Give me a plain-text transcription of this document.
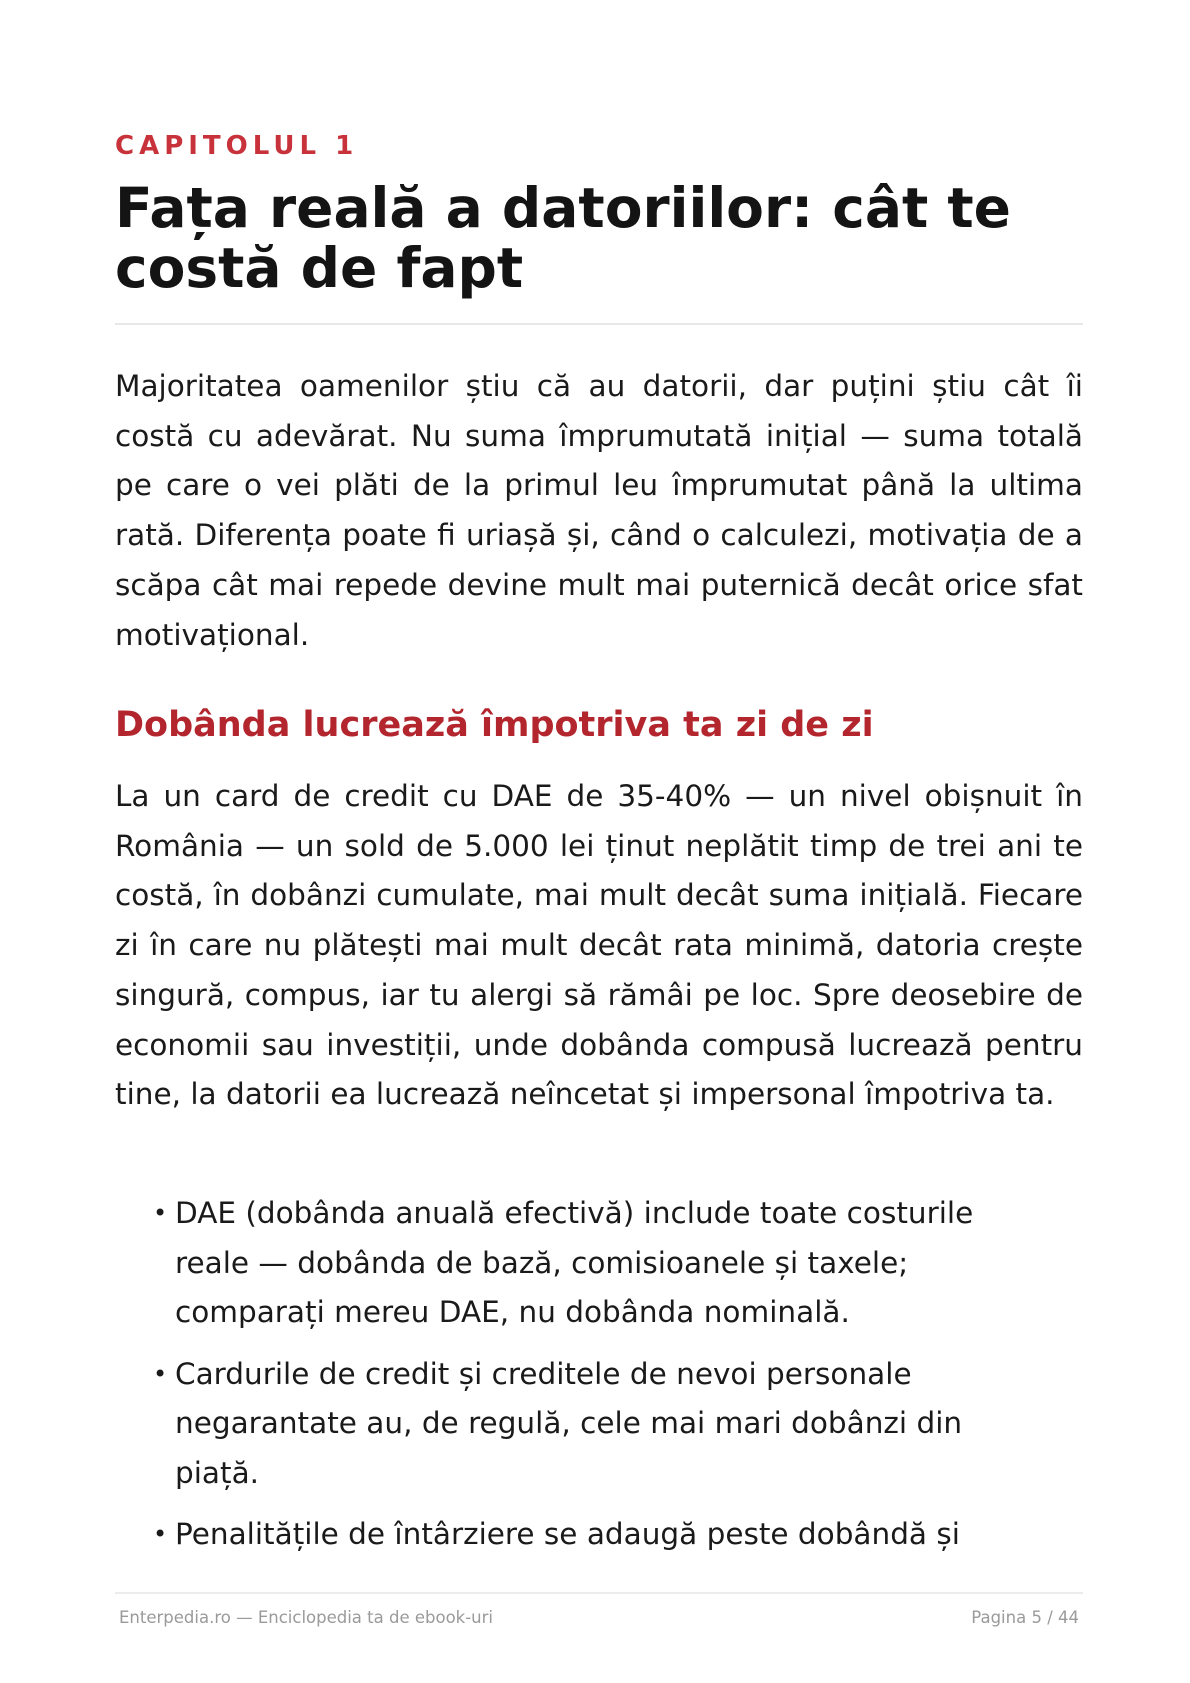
CAPITOLUL 1
Fața reală a datoriilor: cât te costă de fapt

Majoritatea oamenilor știu că au datorii, dar puțini știu cât îi costă cu adevărat. Nu suma împrumutată inițial — suma totală pe care o vei plăti de la primul leu împrumutat până la ultima rată. Diferența poate fi uriașă și, când o calculezi, motivația de a scăpa cât mai repede devine mult mai puternică decât orice sfat motivațional.

Dobânda lucrează împotriva ta zi de zi

La un card de credit cu DAE de 35-40% — un nivel obișnuit în România — un sold de 5.000 lei ținut neplătit timp de trei ani te costă, în dobânzi cumulate, mai mult decât suma inițială. Fiecare zi în care nu plătești mai mult decât rata minimă, datoria crește singură, compus, iar tu alergi să rămâi pe loc. Spre deosebire de economii sau investiții, unde dobânda compusă lucrează pentru tine, la datorii ea lucrează neîncetat și impersonal împotriva ta.

• DAE (dobânda anuală efectivă) include toate costurile reale — dobânda de bază, comisioanele și taxele; comparați mereu DAE, nu dobânda nominală.
• Cardurile de credit și creditele de nevoi personale negarantate au, de regulă, cele mai mari dobânzi din piață.
• Penalitățile de întârziere se adaugă peste dobândă și
Enterpedia.ro — Enciclopedia ta de ebook-uri	Pagina 5 / 44
